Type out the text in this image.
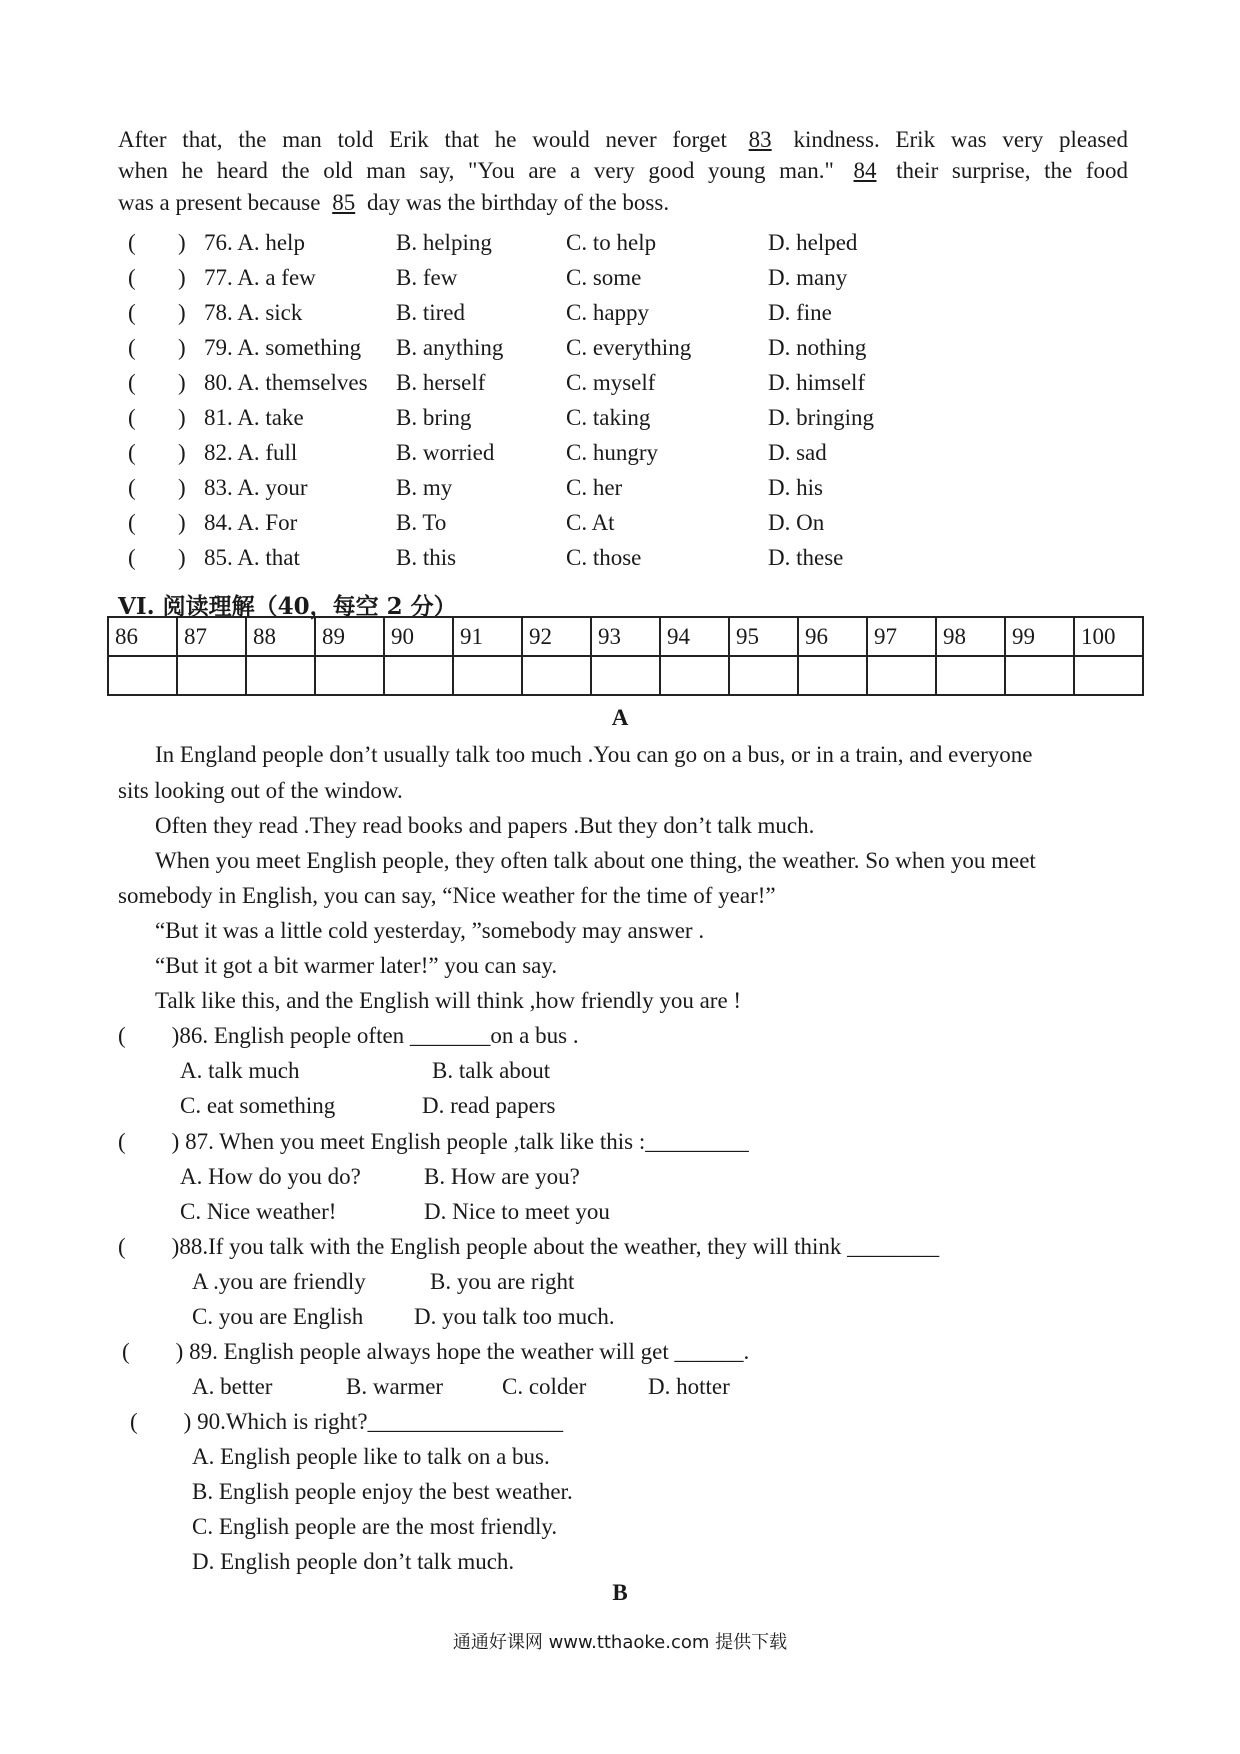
After that, the man told Erik that he would never forget 83 kindness. Erik was very pleased
when he heard the old man say, "You are a very good young man." 84 their surprise, the food
was a present because 85 day was the birthday of the boss.
( ) 76. A. help	B. helping	C. to help	D. helped
( ) 77. A. a few	B. few	C. some	D. many
( ) 78. A. sick	B. tired	C. happy	D. fine
( ) 79. A. something B. anything	C. everything	D. nothing
( ) 80. A. themselves B. herself	C. myself	D. himself
( ) 81. A. take	B. bring	C. taking	D. bringing
( ) 82. A. full	B. worried	C. hungry	D. sad
( ) 83. A. your	B. my	C. her	D. his
( ) 84. A. For	B. To	C. At	D. On
( ) 85. A. that	B. this	C. those	D. these
VI. 阅读理解（40，每空 2 分）
86	87	88	89	90	91	92	93	94	95	96	97	98	99	100

A
In England people don’t usually talk too much .You can go on a bus, or in a train, and everyone
sits looking out of the window.
Often they read .They read books and papers .But they don’t talk much.
When you meet English people, they often talk about one thing, the weather. So when you meet
somebody in English, you can say, “Nice weather for the time of year!”
“But it was a little cold yesterday, ”somebody may answer .
“But it got a bit warmer later!” you can say.
Talk like this, and the English will think ,how friendly you are !
(        )86. English people often _______on a bus .
A. talk much	B. talk about
C. eat something	D. read papers
(        ) 87. When you meet English people ,talk like this :_________
A. How do you do?	B. How are you?
C. Nice weather!	D. Nice to meet you
(        )88.If you talk with the English people about the weather, they will think ________
A .you are friendly	B. you are right
C. you are English D. you talk too much.
(        ) 89. English people always hope the weather will get ______.
A. better	B. warmer	C. colder	D. hotter
(        ) 90.Which is right?_________________
A. English people like to talk on a bus.
B. English people enjoy the best weather.
C. English people are the most friendly.
D. English people don’t talk much.
B
通通好课网 www.tthaoke.com 提供下载
